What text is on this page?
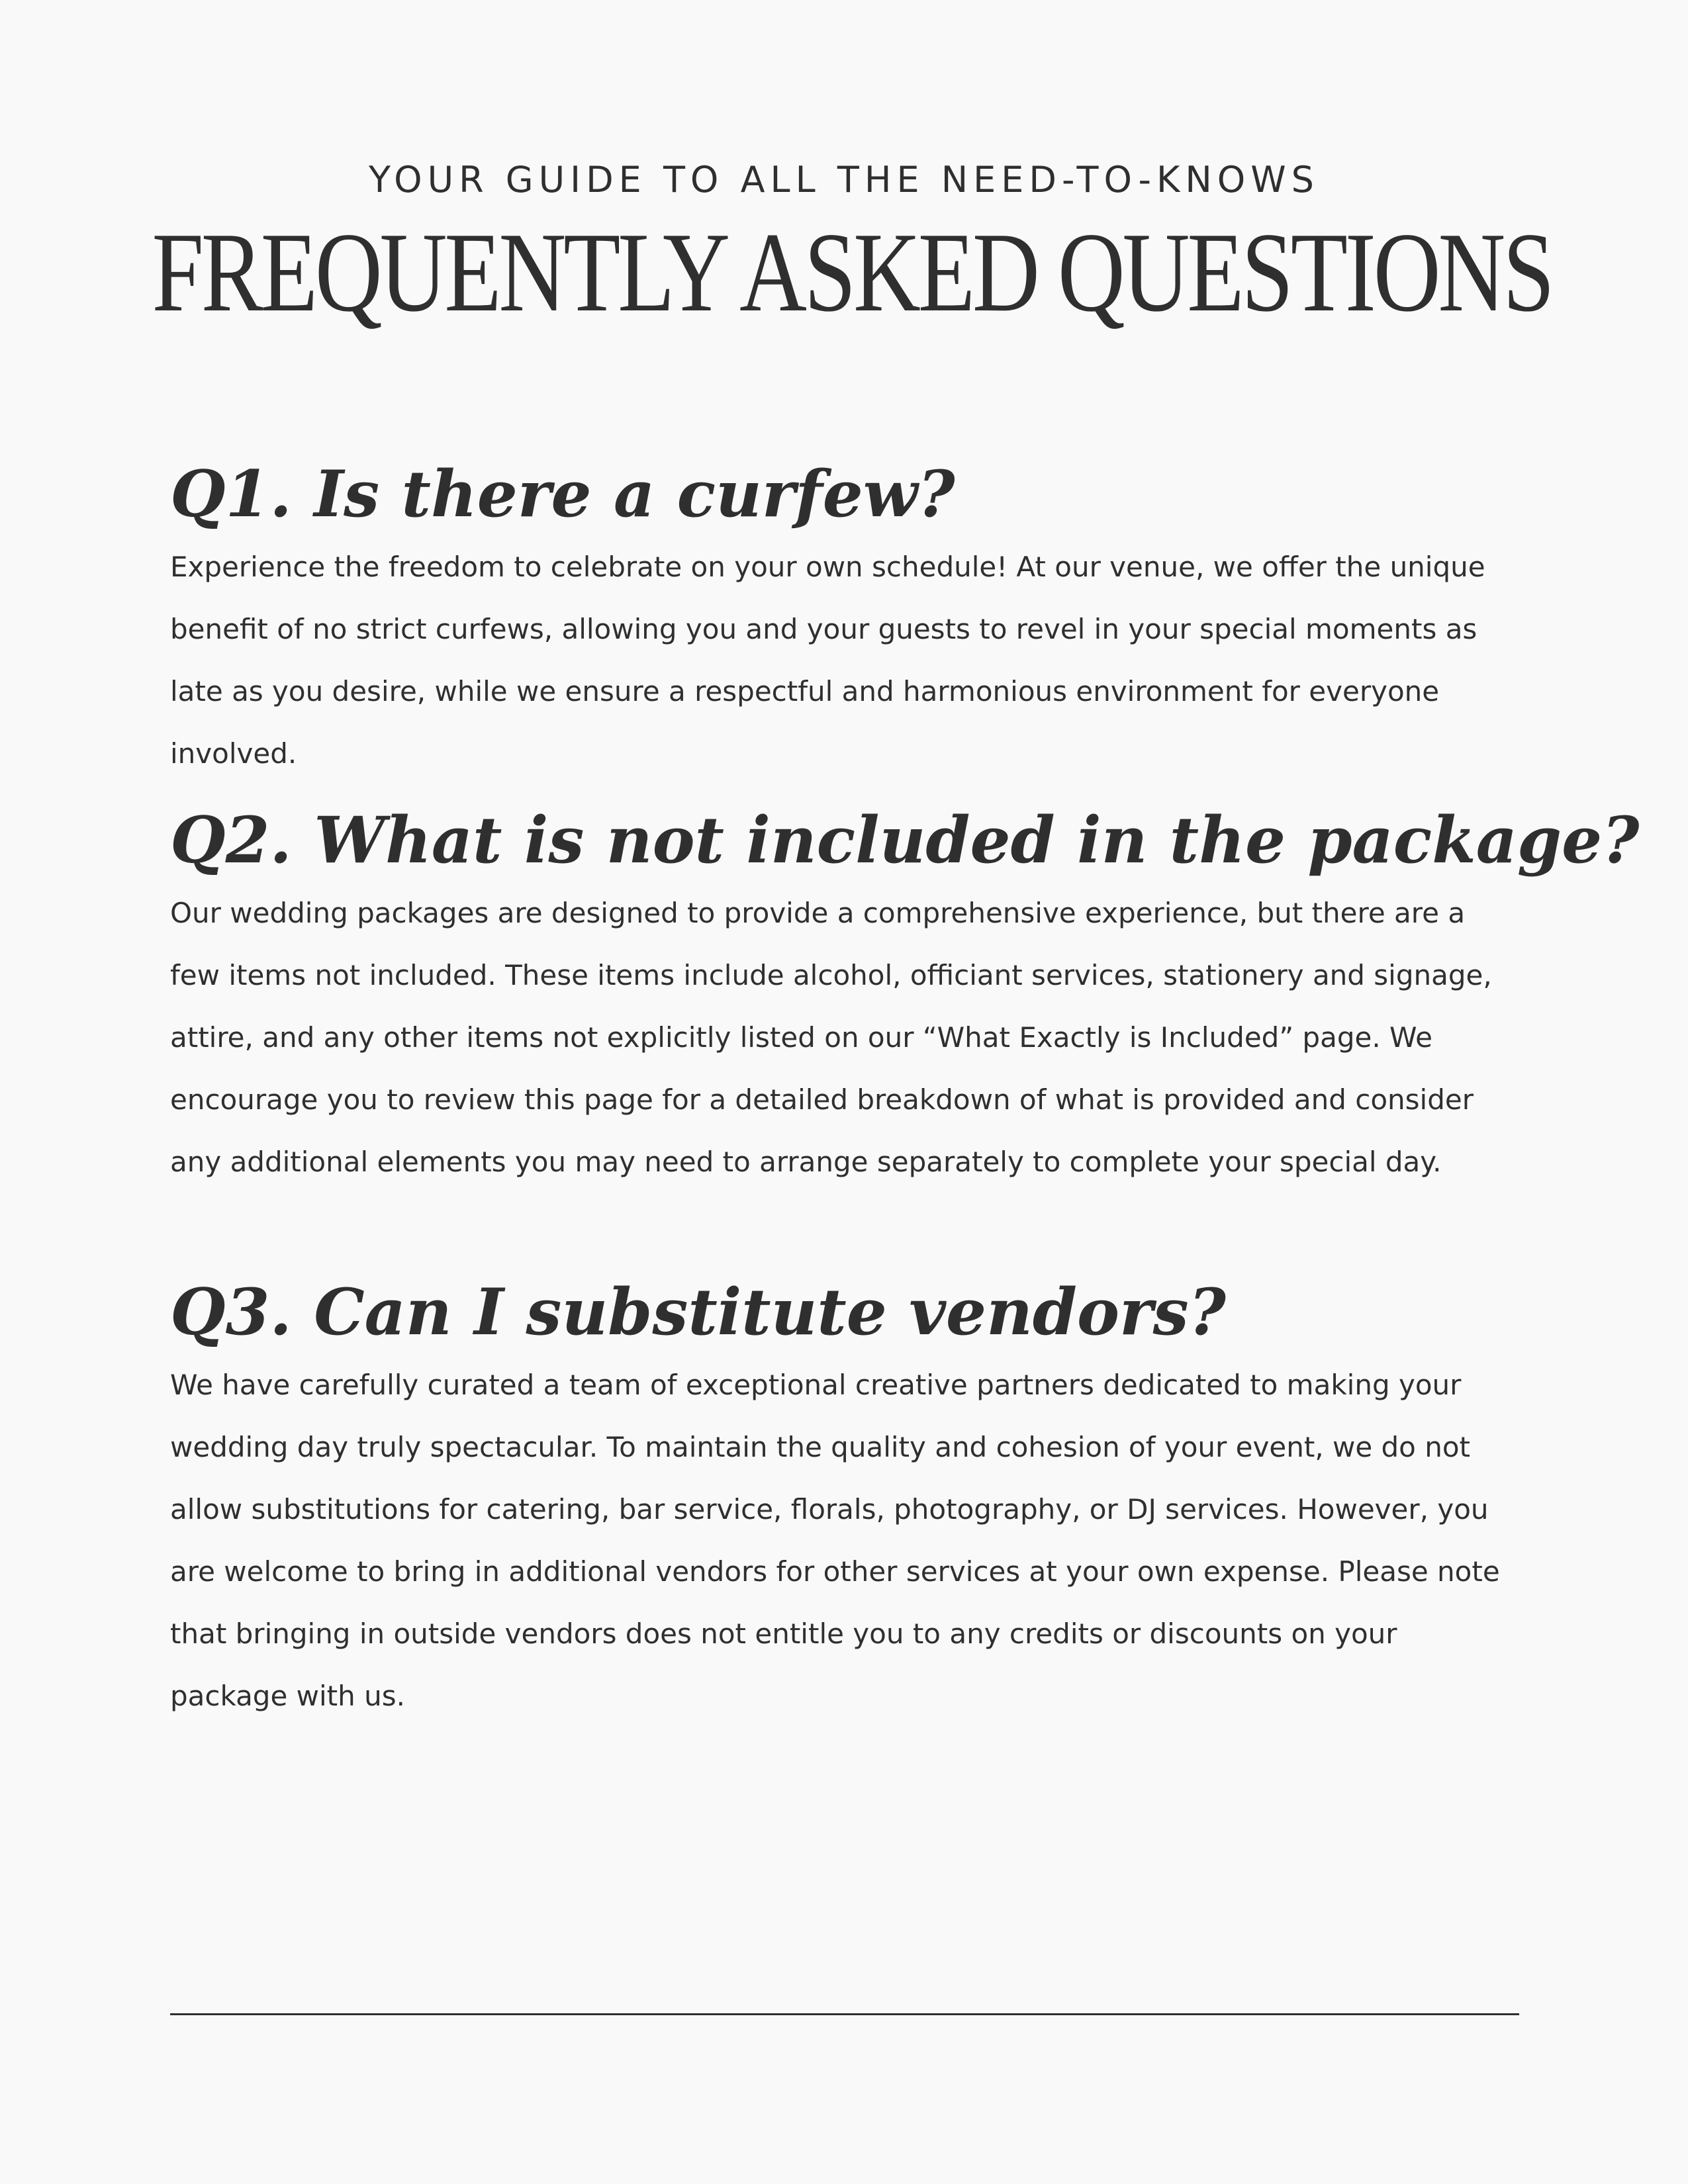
YOUR GUIDE TO ALL THE NEED-TO-KNOWS
FREQUENTLY ASKED QUESTIONS
Q1. Is there a curfew?

Experience the freedom to celebrate on your own schedule! At our venue, we offer the unique benefit of no strict curfews, allowing you and your guests to revel in your special moments as late as you desire, while we ensure a respectful and harmonious environment for everyone involved.

Q2. What is not included in the package?

Our wedding packages are designed to provide a comprehensive experience, but there are a few items not included. These items include alcohol, officiant services, stationery and signage, attire, and any other items not explicitly listed on our “What Exactly is Included” page. We encourage you to review this page for a detailed breakdown of what is provided and consider any additional elements you may need to arrange separately to complete your special day.

Q3. Can I substitute vendors?

We have carefully curated a team of exceptional creative partners dedicated to making your wedding day truly spectacular. To maintain the quality and cohesion of your event, we do not allow substitutions for catering, bar service, florals, photography, or DJ services. However, you are welcome to bring in additional vendors for other services at your own expense. Please note that bringing in outside vendors does not entitle you to any credits or discounts on your package with us.
